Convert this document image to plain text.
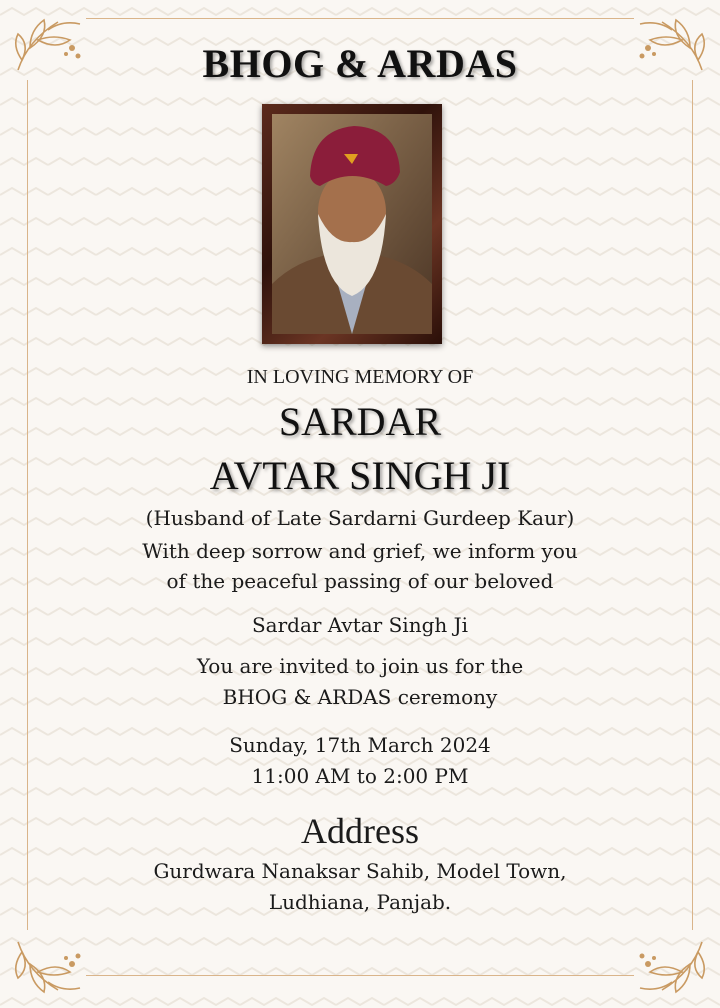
BHOG & ARDAS
IN LOVING MEMORY OF
SARDAR
AVTAR SINGH JI
(Husband of Late Sardarni Gurdeep Kaur)
With deep sorrow and grief, we inform you
of the peaceful passing of our beloved
Sardar Avtar Singh Ji
You are invited to join us for the
BHOG & ARDAS ceremony
Sunday, 17th March 2024
11:00 AM to 2:00 PM
Address
Gurdwara Nanaksar Sahib, Model Town,
Ludhiana, Panjab.
